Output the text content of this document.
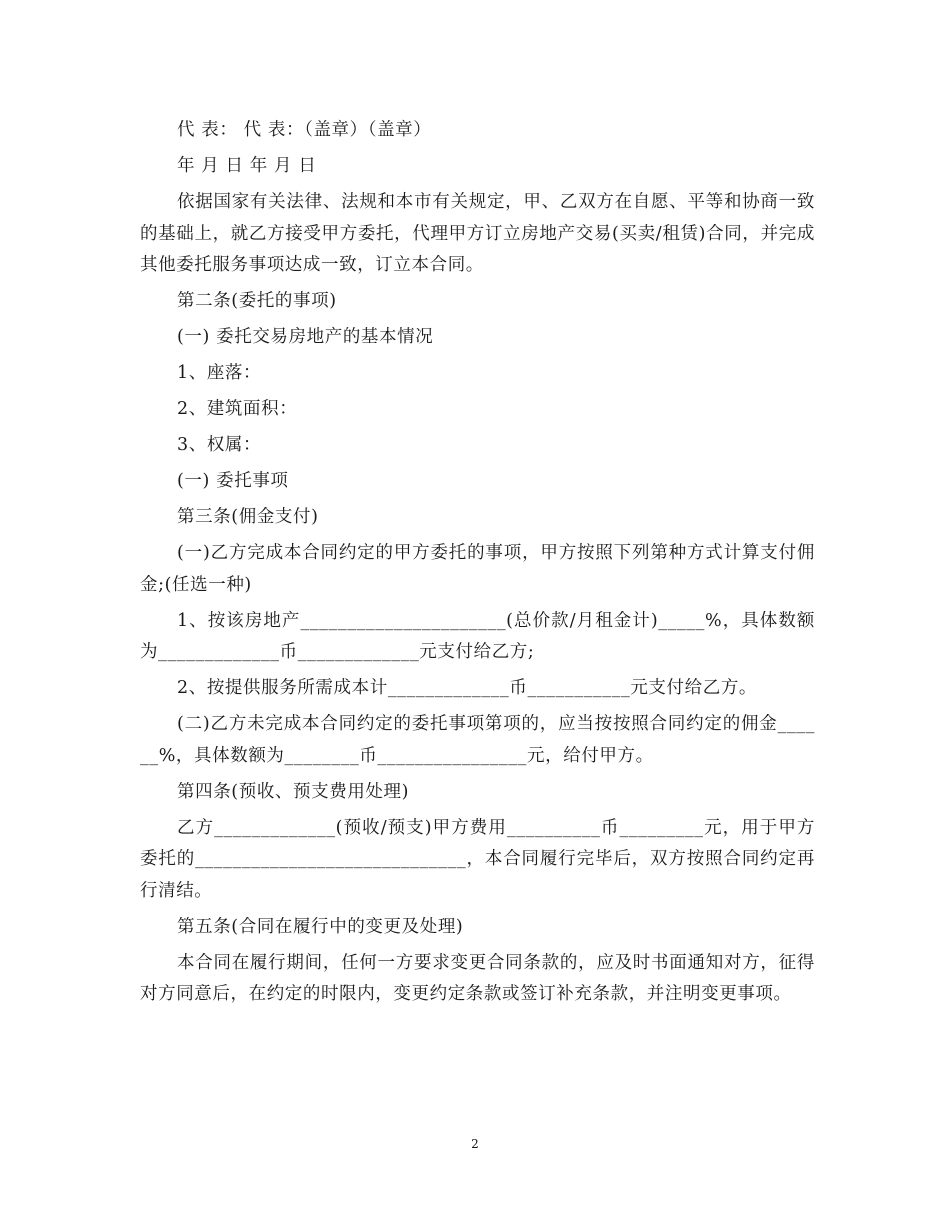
代 表： 代 表：（盖章）（盖章）

年 月 日 年 月 日

依据国家有关法律、法规和本市有关规定，甲、乙双方在自愿、平等和协商一致的基础上，就乙方接受甲方委托，代理甲方订立房地产交易(买卖/租赁)合同，并完成其他委托服务事项达成一致，订立本合同。

第二条(委托的事项)

(一) 委托交易房地产的基本情况

1、座落：

2、建筑面积：

3、权属：

(一) 委托事项

第三条(佣金支付)

(一)乙方完成本合同约定的甲方委托的事项，甲方按照下列第种方式计算支付佣金;(任选一种)

1、按该房地产______________________(总价款/月租金计)_____%，具体数额为_____________币_____________元支付给乙方;

2、按提供服务所需成本计_____________币___________元支付给乙方。

(二)乙方未完成本合同约定的委托事项第项的，应当按按照合同约定的佣金______%，具体数额为________币________________元，给付甲方。

第四条(预收、预支费用处理)

乙方_____________(预收/预支)甲方费用__________币_________元，用于甲方委托的_____________________________，本合同履行完毕后，双方按照合同约定再行清结。

第五条(合同在履行中的变更及处理)

本合同在履行期间，任何一方要求变更合同条款的，应及时书面通知对方，征得对方同意后，在约定的时限内，变更约定条款或签订补充条款，并注明变更事项。

2
